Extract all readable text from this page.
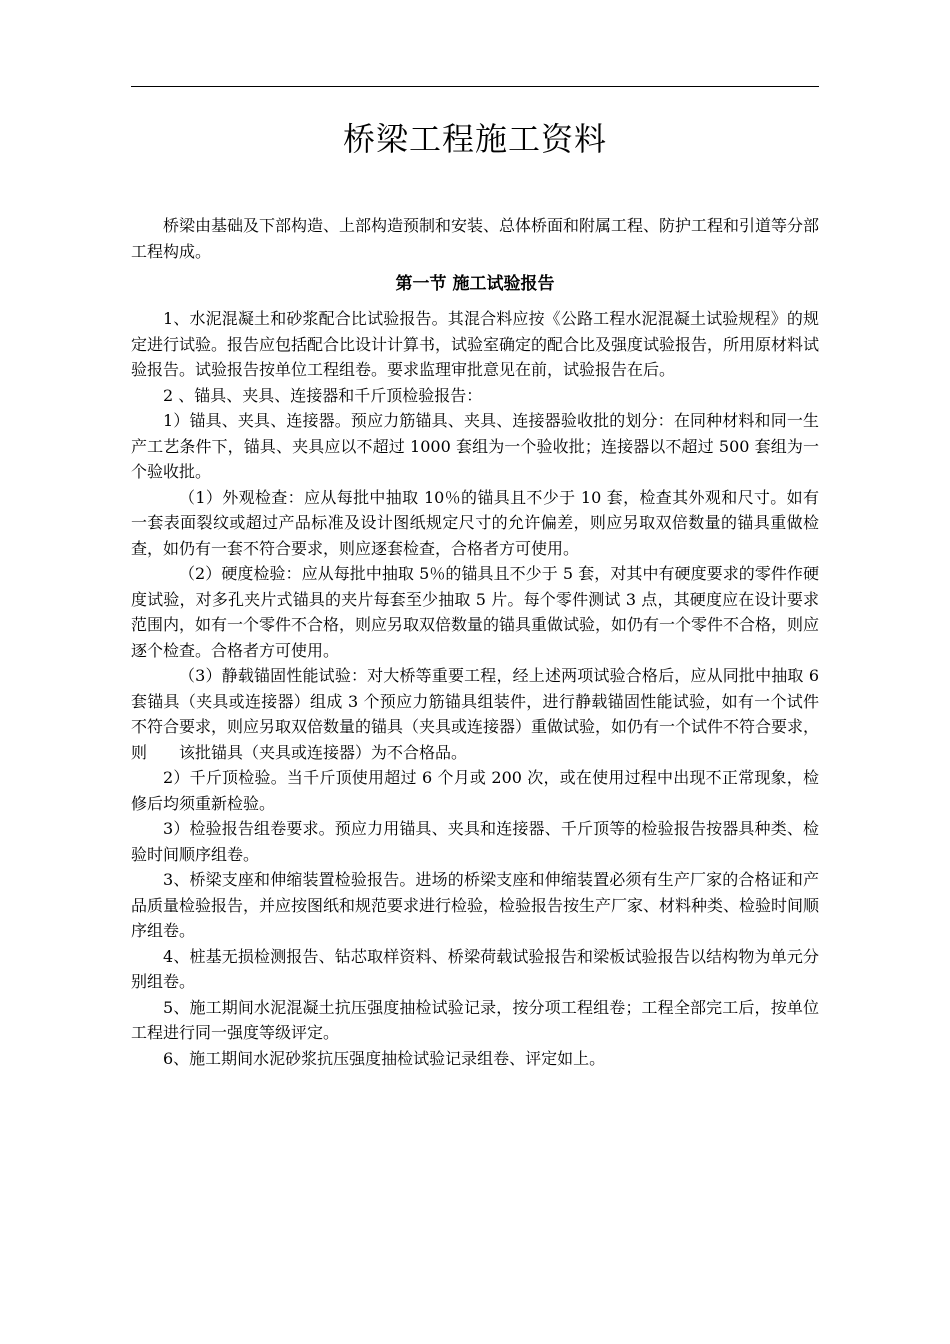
桥梁工程施工资料

桥梁由基础及下部构造、上部构造预制和安装、总体桥面和附属工程、防护工程和引道等分部工程构成。

第一节 施工试验报告

1、水泥混凝土和砂浆配合比试验报告。其混合料应按《公路工程水泥混凝土试验规程》的规定进行试验。报告应包括配合比设计计算书，试验室确定的配合比及强度试验报告，所用原材料试验报告。试验报告按单位工程组卷。要求监理审批意见在前，试验报告在后。

2 、锚具、夹具、连接器和千斤顶检验报告：

1）锚具、夹具、连接器。预应力筋锚具、夹具、连接器验收批的划分：在同种材料和同一生产工艺条件下，锚具、夹具应以不超过 1000 套组为一个验收批；连接器以不超过 500 套组为一个验收批。

（1）外观检查：应从每批中抽取 10％的锚具且不少于 10 套，检查其外观和尺寸。如有一套表面裂纹或超过产品标准及设计图纸规定尺寸的允许偏差，则应另取双倍数量的锚具重做检查，如仍有一套不符合要求，则应逐套检查，合格者方可使用。

（2）硬度检验：应从每批中抽取 5％的锚具且不少于 5 套，对其中有硬度要求的零件作硬度试验，对多孔夹片式锚具的夹片每套至少抽取 5 片。每个零件测试 3 点，其硬度应在设计要求范围内，如有一个零件不合格，则应另取双倍数量的锚具重做试验，如仍有一个零件不合格，则应逐个检查。合格者方可使用。

（3）静载锚固性能试验：对大桥等重要工程，经上述两项试验合格后，应从同批中抽取 6 套锚具（夹具或连接器）组成 3 个预应力筋锚具组装件，进行静载锚固性能试验，如有一个试件不符合要求，则应另取双倍数量的锚具（夹具或连接器）重做试验，如仍有一个试件不符合要求，则　　该批锚具（夹具或连接器）为不合格品。

2）千斤顶检验。当千斤顶使用超过 6 个月或 200 次，或在使用过程中出现不正常现象，检修后均须重新检验。

3）检验报告组卷要求。预应力用锚具、夹具和连接器、千斤顶等的检验报告按器具种类、检验时间顺序组卷。

3、桥梁支座和伸缩装置检验报告。进场的桥梁支座和伸缩装置必须有生产厂家的合格证和产品质量检验报告，并应按图纸和规范要求进行检验，检验报告按生产厂家、材料种类、检验时间顺序组卷。

4、桩基无损检测报告、钻芯取样资料、桥梁荷载试验报告和梁板试验报告以结构物为单元分别组卷。

5、施工期间水泥混凝土抗压强度抽检试验记录，按分项工程组卷；工程全部完工后，按单位工程进行同一强度等级评定。

6、施工期间水泥砂浆抗压强度抽检试验记录组卷、评定如上。
